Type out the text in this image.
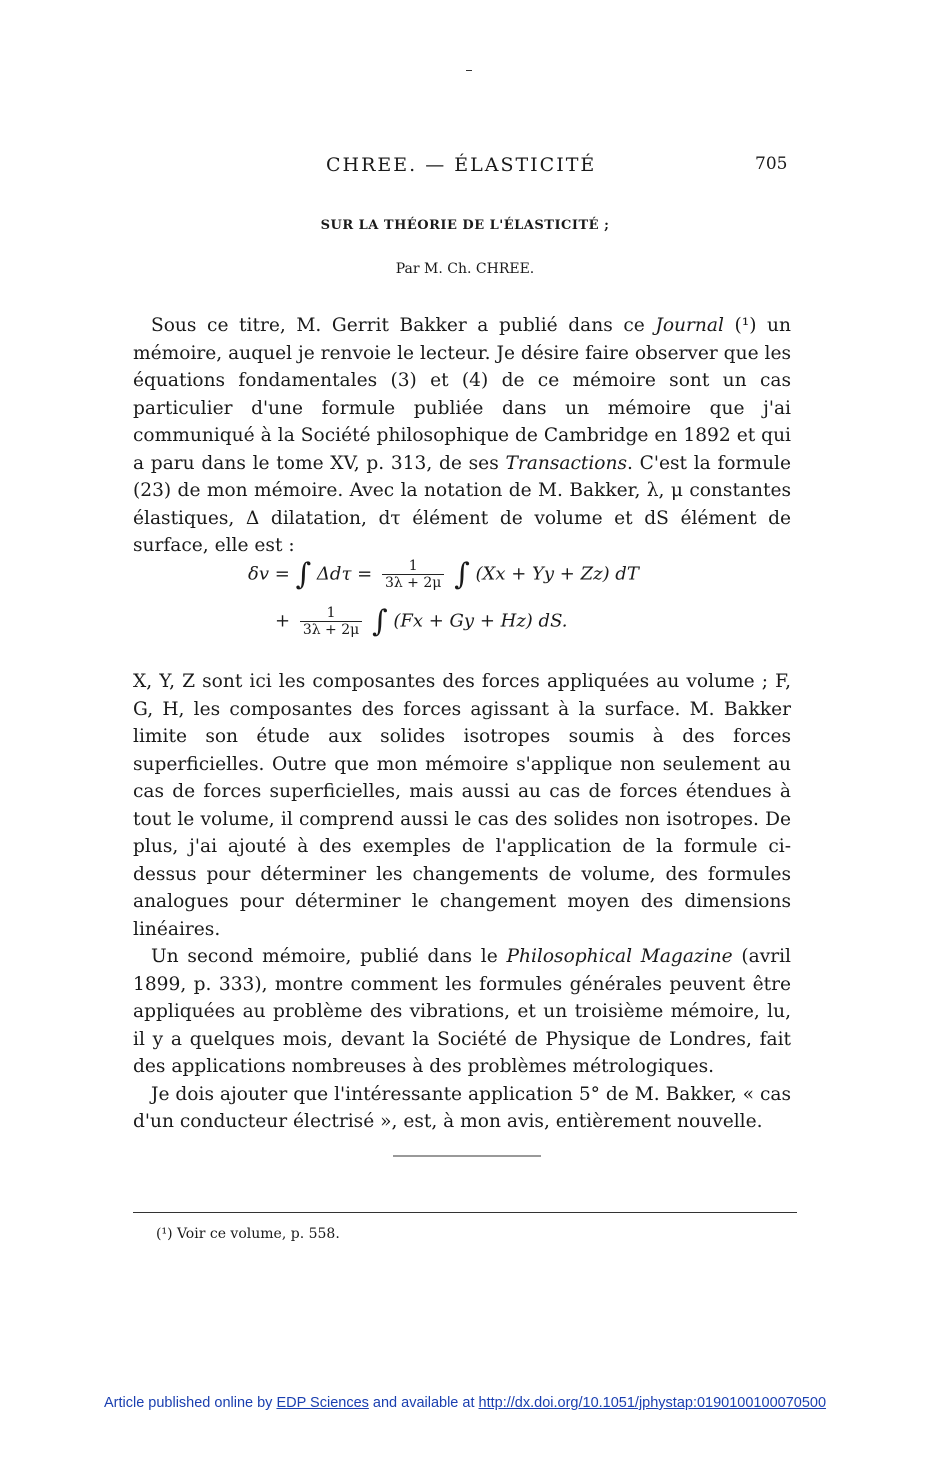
CHREE. — ÉLASTICITÉ	705
SUR LA THÉORIE DE L'ÉLASTICITÉ ;
Par M. Ch. CHREE.

Sous ce titre, M. Gerrit Bakker a publié dans ce Journal (¹) un mémoire, auquel je renvoie le lecteur. Je désire faire observer que les équations fondamentales (3) et (4) de ce mémoire sont un cas particulier d'une formule publiée dans un mémoire que j'ai communiqué à la Société philosophique de Cambridge en 1892 et qui a paru dans le tome XV, p. 313, de ses Transactions. C'est la formule (23) de mon mémoire. Avec la notation de M. Bakker, λ, μ constantes élastiques, Δ dilatation, dτ élément de volume et dS élément de surface, elle est :

δv = ∫ $\Delta d\tau = \frac{1}{3\lambda + 2\mu}$ ∫ (Xx + Yy + Zz) dT
+ $\frac{1}{3\lambda + 2\mu}$ ∫ (Fx + Gy + Hz) dS.

X, Y, Z sont ici les composantes des forces appliquées au volume ; F, G, H, les composantes des forces agissant à la surface. M. Bakker limite son étude aux solides isotropes soumis à des forces superficielles. Outre que mon mémoire s'applique non seulement au cas de forces superficielles, mais aussi au cas de forces étendues à tout le volume, il comprend aussi le cas des solides non isotropes. De plus, j'ai ajouté à des exemples de l'application de la formule ci-dessus pour déterminer les changements de volume, des formules analogues pour déterminer le changement moyen des dimensions linéaires.

Un second mémoire, publié dans le Philosophical Magazine (avril 1899, p. 333), montre comment les formules générales peuvent être appliquées au problème des vibrations, et un troisième mémoire, lu, il y a quelques mois, devant la Société de Physique de Londres, fait des applications nombreuses à des problèmes métrologiques.

Je dois ajouter que l'intéressante application 5° de M. Bakker, « cas d'un conducteur électrisé », est, à mon avis, entièrement nouvelle.

(¹) Voir ce volume, p. 558.
Article published online by EDP Sciences and available at http://dx.doi.org/10.1051/jphystap:0190100100070500
